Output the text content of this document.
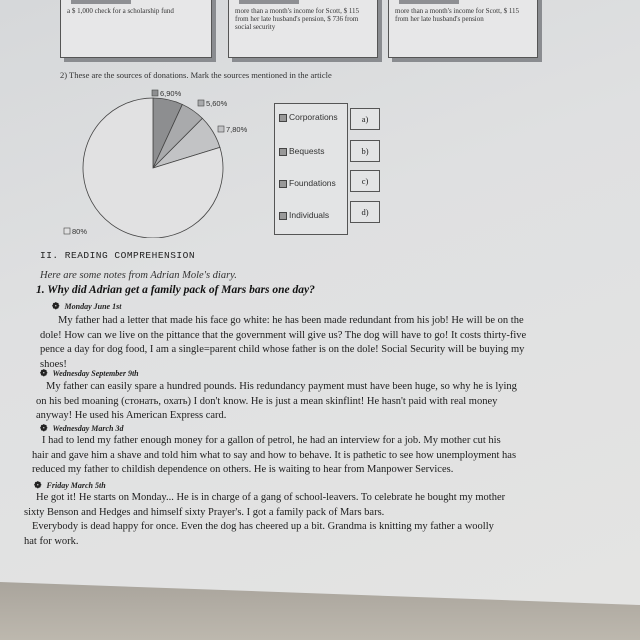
a $ 1,000 check for a scholarship fund	more than a month's income for Scott, $ 115 from her late husband's pension, $ 736 from social security
more than a month's income for Scott, $ 115 from her late husband's pension
2) These are the sources of donations. Mark the sources mentioned in the article
6,90%
5,60%
7,80%
80%
Corporations
Bequests
Foundations
Individuals
a)
b)
c)
d)
II. READING COMPREHENSION
Here are some notes from Adrian Mole's diary.
1. Why did Adrian get a family pack of Mars bars one day?
❁ Monday June 1st
My father had a letter that made his face go white: he has been made redundant from his job! He will be on the
dole! How can we live on the pittance that the government will give us? The dog will have to go! It costs thirty-five
pence a day for dog food, I am a single=parent child whose father is on the dole! Social Security will be buying my
shoes!
❁ Wednesday September 9th
My father can easily spare a hundred pounds. His redundancy payment must have been huge, so why he is lying
on his bed moaning (стонать, охать) I don't know. He is just a mean skinflint! He hasn't paid with real money
anyway! He used his American Express card.
❁ Wednesday March 3d
I had to lend my father enough money for a gallon of petrol, he had an interview for a job. My mother cut his
hair and gave him a shave and told him what to say and how to behave. It is pathetic to see how unemployment has
reduced my father to childish dependence on others. He is waiting to hear from Manpower Services.
❁ Friday March 5th
He got it! He starts on Monday... He is in charge of a gang of school-leavers. To celebrate he bought my mother
sixty Benson and Hedges and himself sixty Prayer's. I got a family pack of Mars bars.
Everybody is dead happy for once. Even the dog has cheered up a bit. Grandma is knitting my father a woolly
hat for work.
